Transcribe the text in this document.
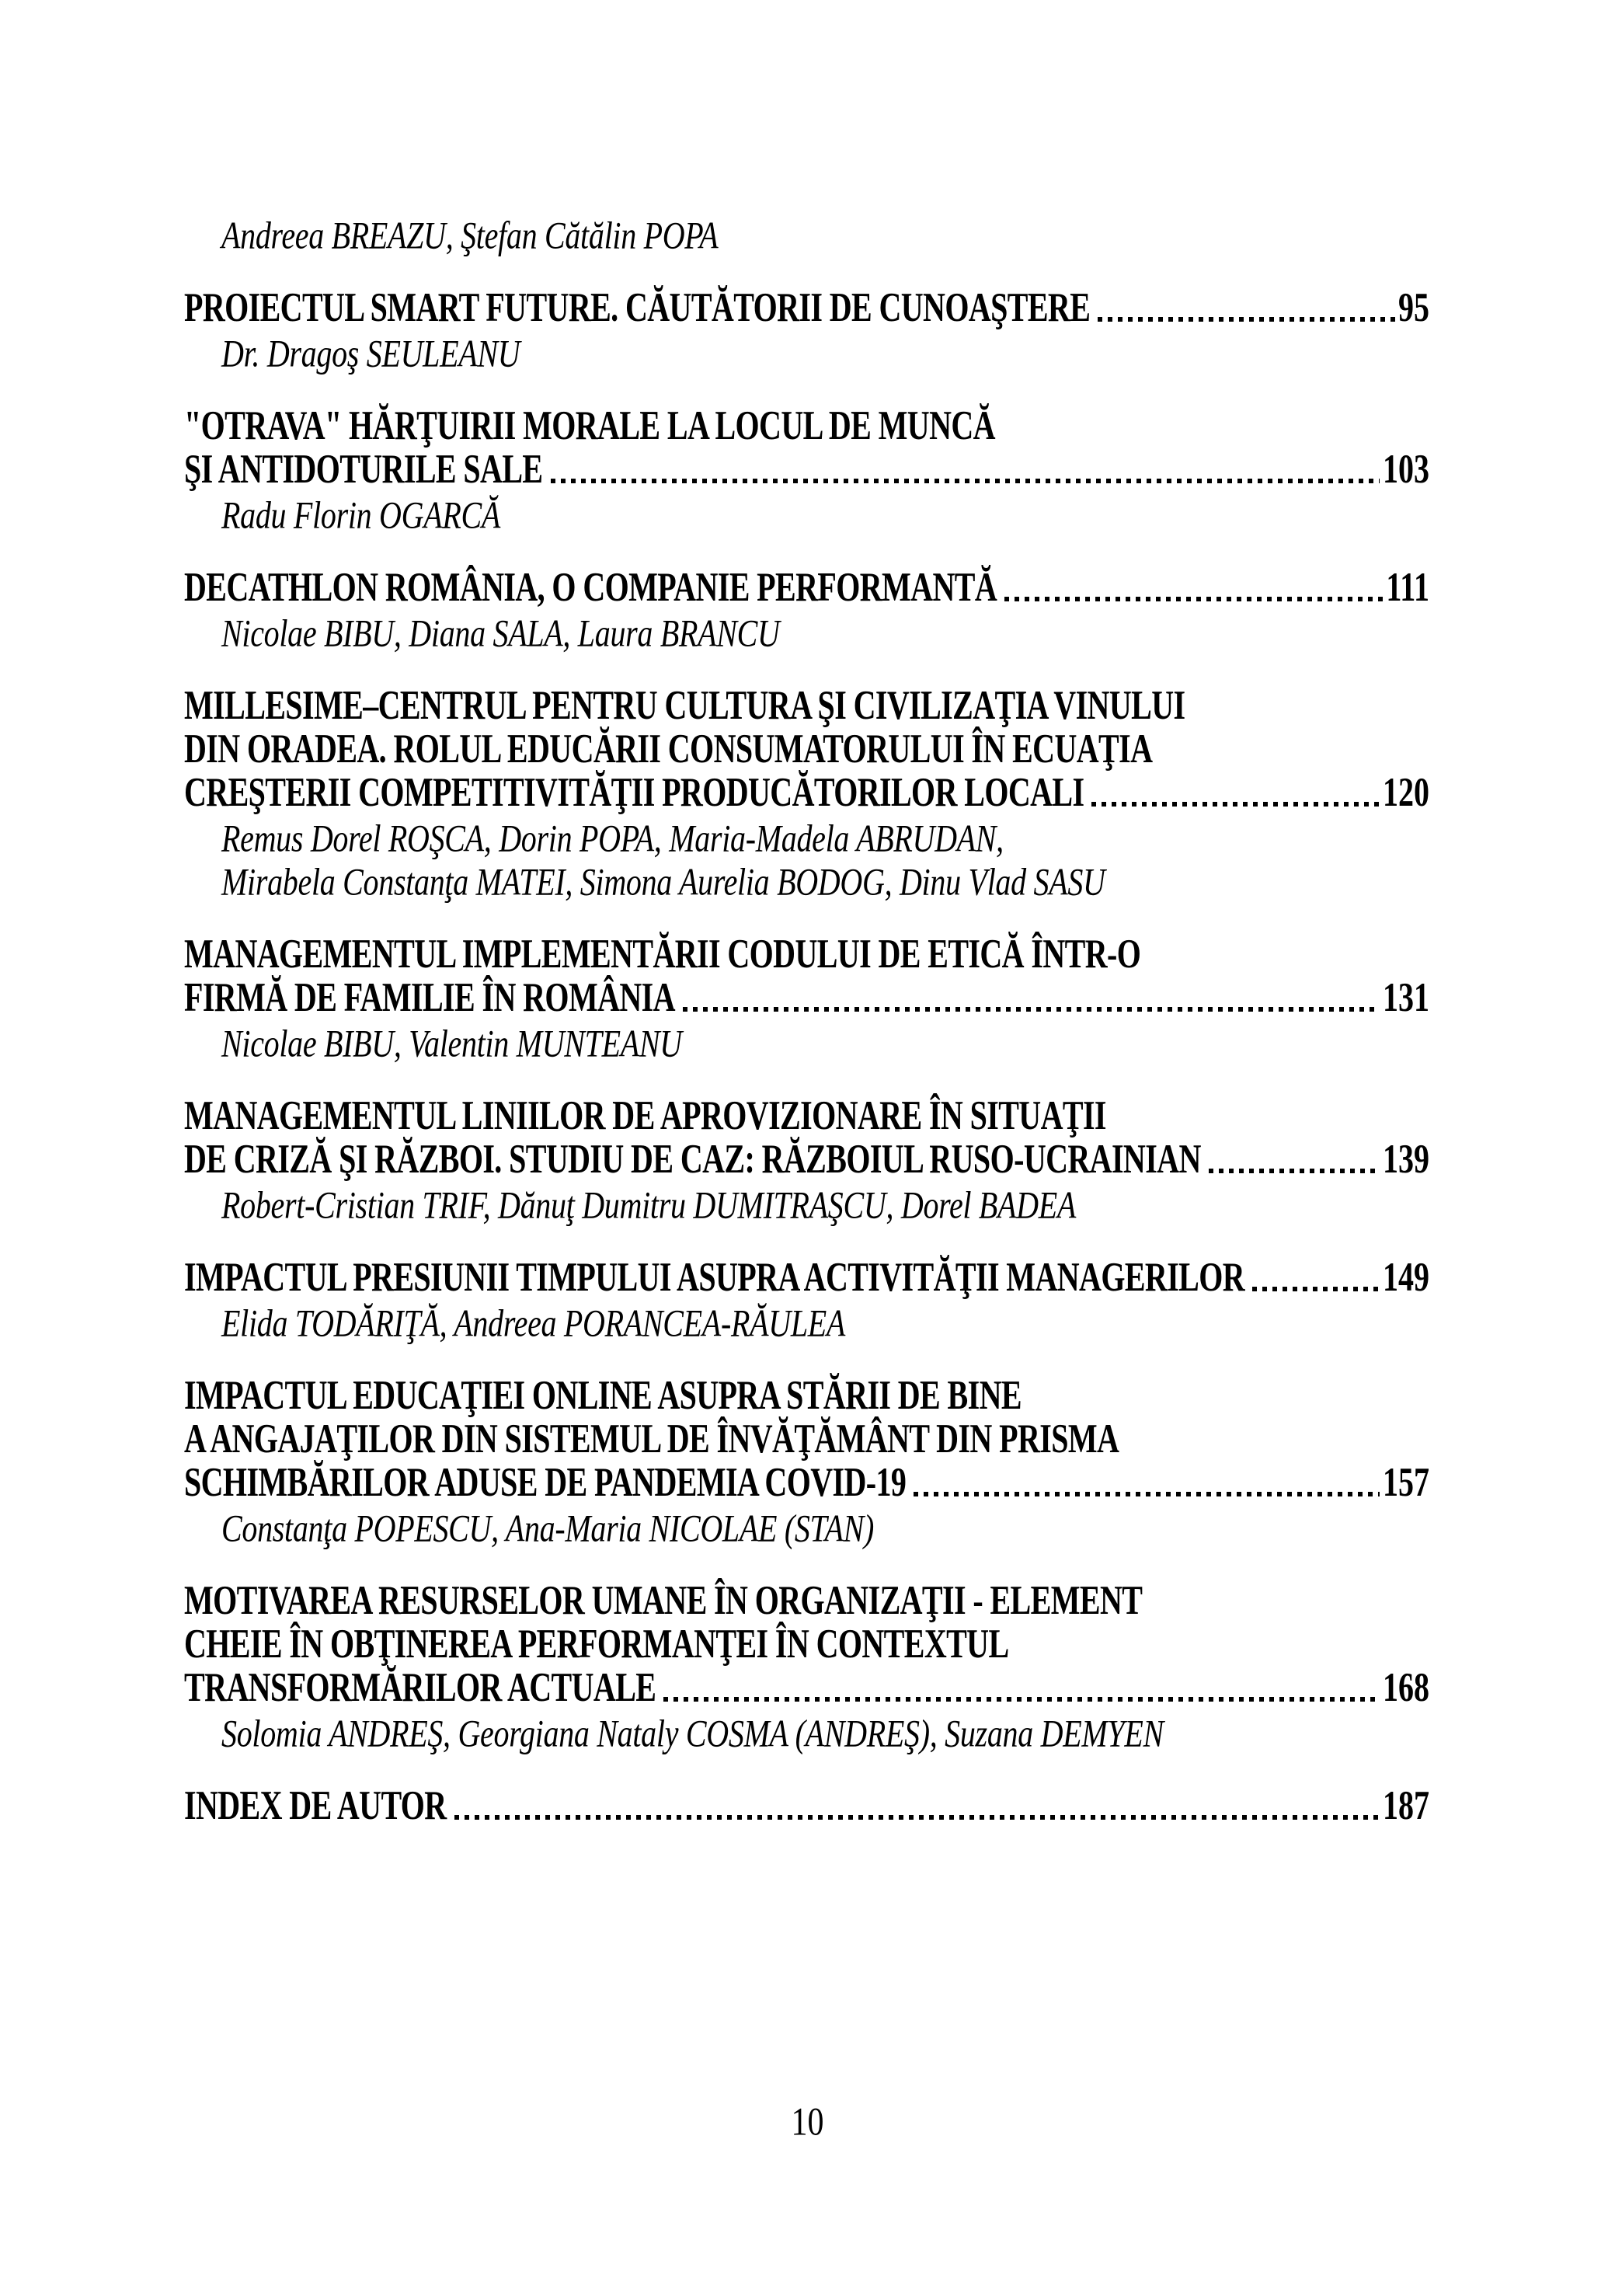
Andreea BREAZU, Ştefan Cătălin POPA
PROIECTUL SMART FUTURE. CĂUTĂTORII DE CUNOAŞTERE	95
Dr. Dragoş SEULEANU
"OTRAVA" HĂRŢUIRII MORALE LA LOCUL DE MUNCĂ
ŞI ANTIDOTURILE SALE	103
Radu Florin OGARCĂ
DECATHLON ROMÂNIA, O COMPANIE PERFORMANTĂ	111
Nicolae BIBU, Diana SALA, Laura BRANCU
MILLESIME–CENTRUL PENTRU CULTURA ŞI CIVILIZAŢIA VINULUI
DIN ORADEA. ROLUL EDUCĂRII CONSUMATORULUI ÎN ECUAŢIA
CREŞTERII COMPETITIVITĂŢII PRODUCĂTORILOR LOCALI	120
Remus Dorel ROŞCA, Dorin POPA, Maria-Madela ABRUDAN,
Mirabela Constanţa MATEI, Simona Aurelia BODOG, Dinu Vlad SASU
MANAGEMENTUL IMPLEMENTĂRII CODULUI DE ETICĂ ÎNTR-O
FIRMĂ DE FAMILIE ÎN ROMÂNIA	131
Nicolae BIBU, Valentin MUNTEANU
MANAGEMENTUL LINIILOR DE APROVIZIONARE ÎN SITUAŢII
DE CRIZĂ ŞI RĂZBOI. STUDIU DE CAZ: RĂZBOIUL RUSO-UCRAINIAN	139
Robert-Cristian TRIF, Dănuţ Dumitru DUMITRAŞCU, Dorel BADEA
IMPACTUL PRESIUNII TIMPULUI ASUPRA ACTIVITĂŢII MANAGERILOR	149
Elida TODĂRIŢĂ, Andreea PORANCEA-RĂULEA
IMPACTUL EDUCAŢIEI ONLINE ASUPRA STĂRII DE BINE
A ANGAJAŢILOR DIN SISTEMUL DE ÎNVĂŢĂMÂNT DIN PRISMA
SCHIMBĂRILOR ADUSE DE PANDEMIA COVID-19	157
Constanţa POPESCU, Ana-Maria NICOLAE (STAN)
MOTIVAREA RESURSELOR UMANE ÎN ORGANIZAŢII - ELEMENT
CHEIE ÎN OBŢINEREA PERFORMANŢEI ÎN CONTEXTUL
TRANSFORMĂRILOR ACTUALE	168
Solomia ANDREŞ, Georgiana Nataly COSMA (ANDREŞ), Suzana DEMYEN
INDEX DE AUTOR	187
10
